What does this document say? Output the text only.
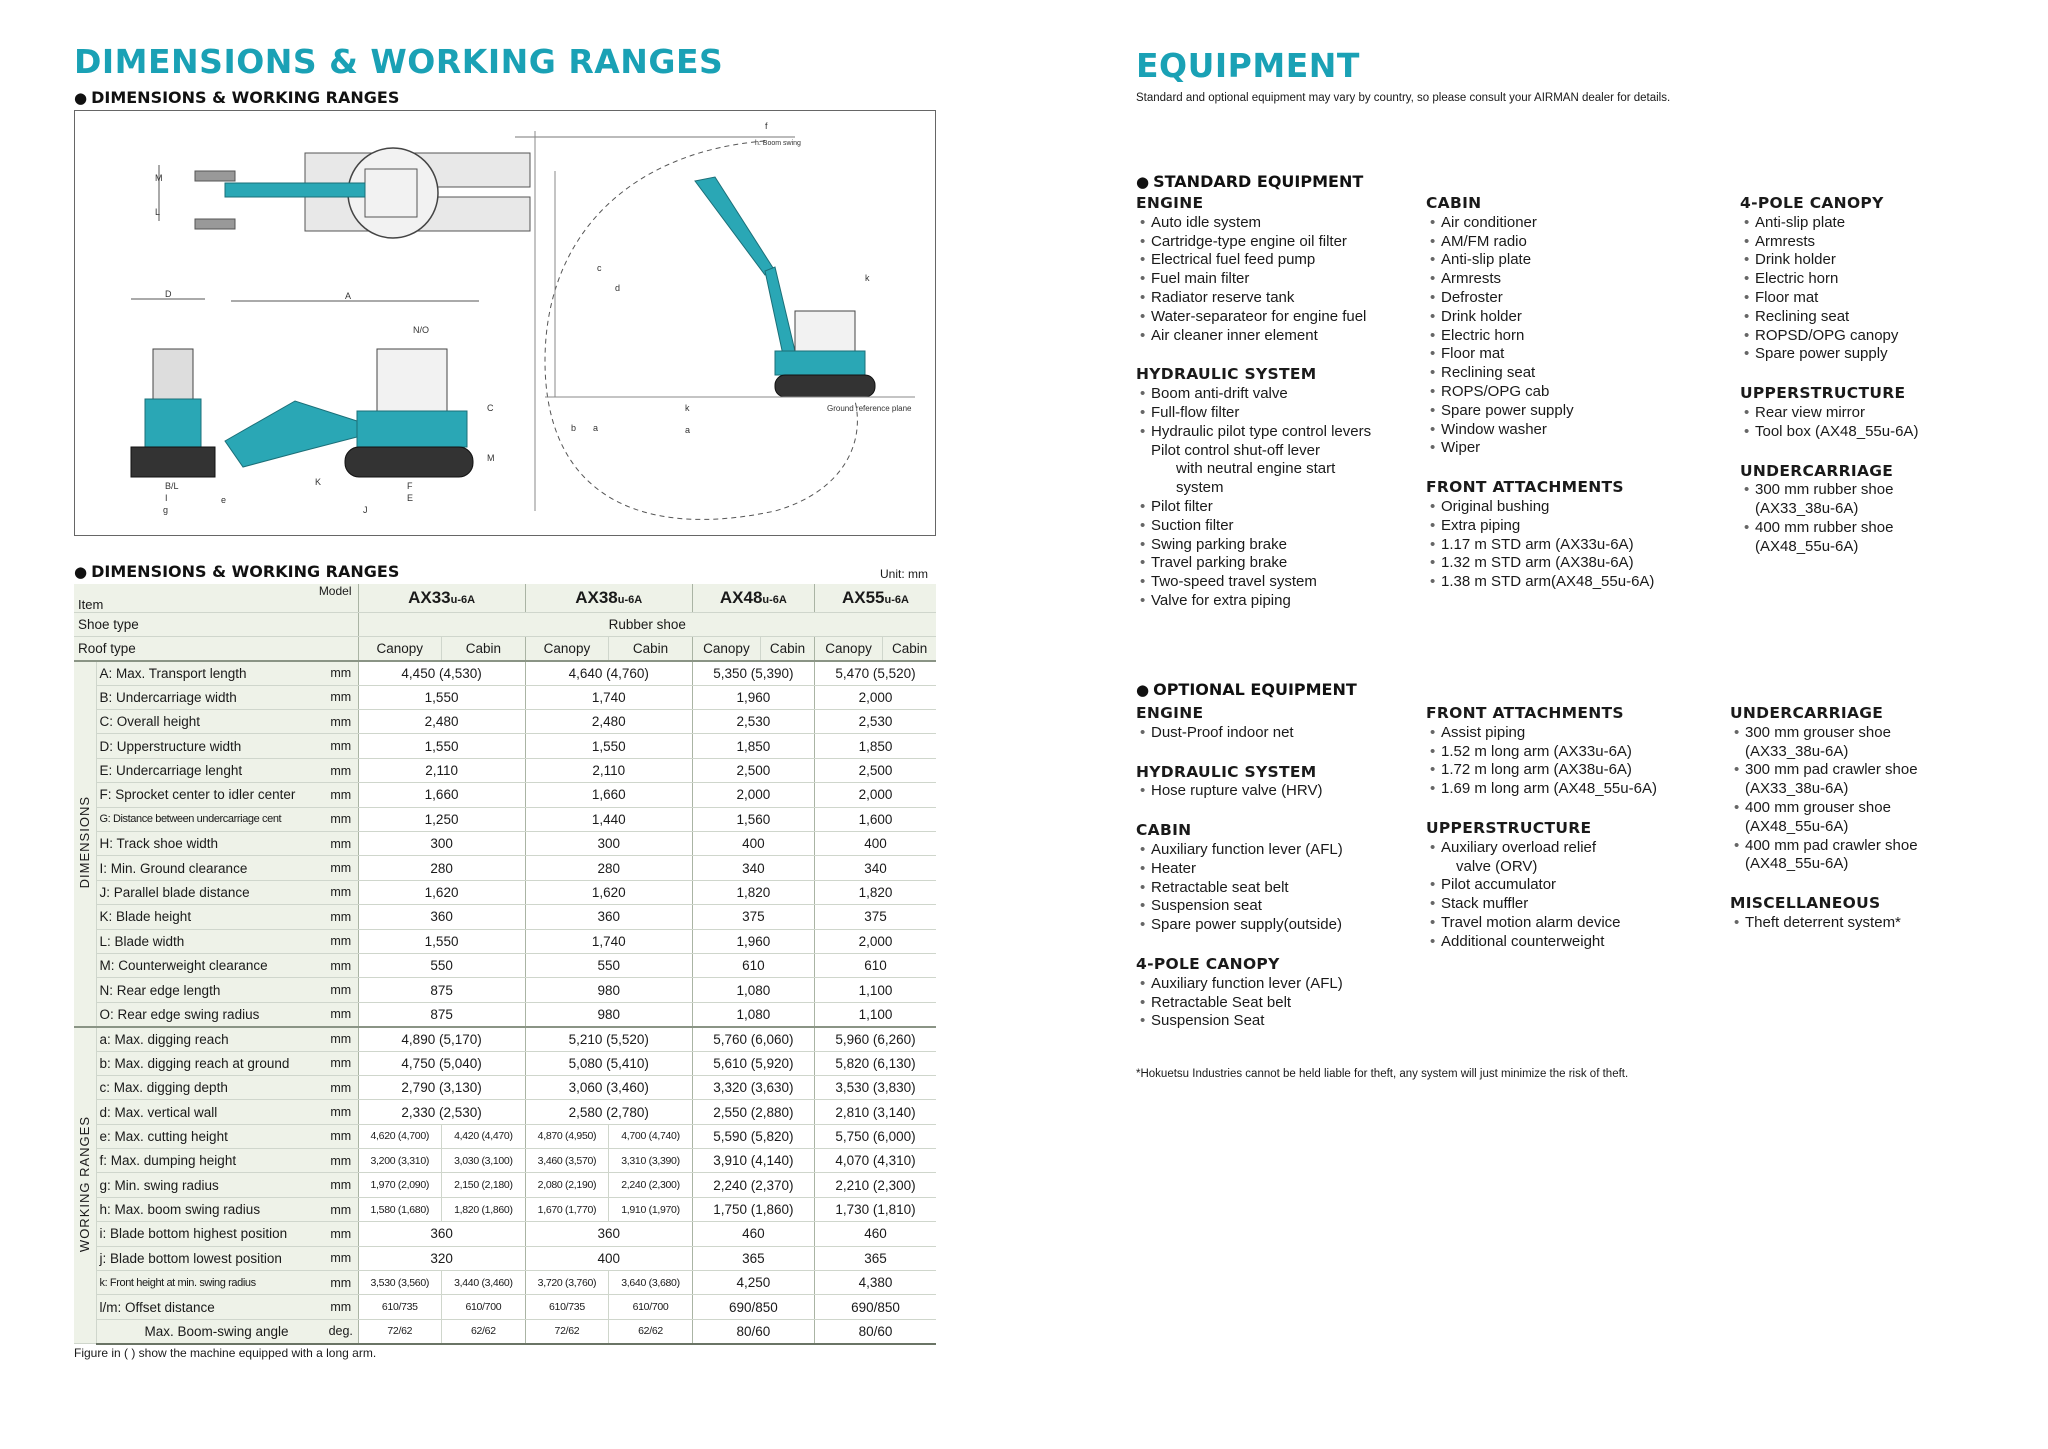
DIMENSIONS & WORKING RANGES
● DIMENSIONS & WORKING RANGES
M
L
D
B/L
I
g
e
A
N/O
C
K	F
E
J
M
f
h: Boom swing
Ground reference plane
c
d
b a
k
a
k
● DIMENSIONS & WORKING RANGES	Unit: mm
Model
Item			AX33u-6A		AX38u-6A		AX48u-6A		AX55u-6A	
Shoe type			Rubber shoe							
Roof type			Canopy	Cabin	Canopy	Cabin	Canopy	Cabin	Canopy	Cabin
DIMENSIONS	A: Max. Transport length	mm	4,450 (4,530)		4,640 (4,760)		5,350 (5,390)		5,470 (5,520)	
	B: Undercarriage width	mm	1,550		1,740		1,960		2,000	
	C: Overall height	mm	2,480		2,480		2,530		2,530	
	D: Upperstructure width	mm	1,550		1,550		1,850		1,850	
	E: Undercarriage lenght	mm	2,110		2,110		2,500		2,500	
	F: Sprocket center to idler center	mm	1,660		1,660		2,000		2,000	
	G: Distance between undercarriage cent	mm	1,250		1,440		1,560		1,600	
	H: Track shoe width	mm	300		300		400		400	
	I: Min. Ground clearance	mm	280		280		340		340	
	J: Parallel blade distance	mm	1,620		1,620		1,820		1,820	
	K: Blade height	mm	360		360		375		375	
	L: Blade width	mm	1,550		1,740		1,960		2,000	
	M: Counterweight clearance	mm	550		550		610		610	
	N: Rear edge length	mm	875		980		1,080		1,100	
	O: Rear edge swing radius	mm	875		980		1,080		1,100	
WORKING RANGES	a: Max. digging reach	mm	4,890 (5,170)		5,210 (5,520)		5,760 (6,060)		5,960 (6,260)	
	b: Max. digging reach at ground	mm	4,750 (5,040)		5,080 (5,410)		5,610 (5,920)		5,820 (6,130)	
	c: Max. digging depth	mm	2,790 (3,130)		3,060 (3,460)		3,320 (3,630)		3,530 (3,830)	
	d: Max. vertical wall	mm	2,330 (2,530)		2,580 (2,780)		2,550 (2,880)		2,810 (3,140)	
	e: Max. cutting height	mm	4,620 (4,700)	4,420 (4,470)	4,870 (4,950)	4,700 (4,740)	5,590 (5,820)		5,750 (6,000)	
	f: Max. dumping height	mm	3,200 (3,310)	3,030 (3,100)	3,460 (3,570)	3,310 (3,390)	3,910 (4,140)		4,070 (4,310)	
	g: Min. swing radius	mm	1,970 (2,090)	2,150 (2,180)	2,080 (2,190)	2,240 (2,300)	2,240 (2,370)		2,210 (2,300)	
	h: Max. boom swing radius	mm	1,580 (1,680)	1,820 (1,860)	1,670 (1,770)	1,910 (1,970)	1,750 (1,860)		1,730 (1,810)	
	i: Blade bottom highest position	mm	360		360		460		460	
	j: Blade bottom lowest position	mm	320		400		365		365	
	k: Front height at min. swing radius	mm	3,530 (3,560)	3,440 (3,460)	3,720 (3,760)	3,640 (3,680)	4,250		4,380	
	l/m: Offset distance	mm	610/735	610/700	610/735	610/700	690/850		690/850	
	Max. Boom-swing angle	deg.	72/62	62/62	72/62	62/62	80/60		80/60	
Figure in ( ) show the machine equipped with a long arm.
EQUIPMENT
Standard and optional equipment may vary by country, so please consult your AIRMAN dealer for details.
● STANDARD EQUIPMENT
ENGINE
• Auto idle system
• Cartridge-type engine oil filter
• Electrical fuel feed pump
• Fuel main filter
• Radiator reserve tank
• Water-separateor for engine fuel
• Air cleaner inner element
HYDRAULIC SYSTEM
• Boom anti-drift valve
• Full-flow filter
• Hydraulic pilot type control levers
Pilot control shut-off lever
with neutral engine start
system
• Pilot filter
• Suction filter
• Swing parking brake
• Travel parking brake
• Two-speed travel system
• Valve for extra piping
CABIN
• Air conditioner
• AM/FM radio
• Anti-slip plate
• Armrests
• Defroster
• Drink holder
• Electric horn
• Floor mat
• Reclining seat
• ROPS/OPG cab
• Spare power supply
• Window washer
• Wiper
FRONT ATTACHMENTS
• Original bushing
• Extra piping
• 1.17 m STD arm (AX33u-6A)
• 1.32 m STD arm (AX38u-6A)
• 1.38 m STD arm(AX48_55u-6A)
4-POLE CANOPY
• Anti-slip plate
• Armrests
• Drink holder
• Electric horn
• Floor mat
• Reclining seat
• ROPSD/OPG canopy
• Spare power supply
UPPERSTRUCTURE
• Rear view mirror
• Tool box (AX48_55u-6A)
UNDERCARRIAGE
• 300 mm rubber shoe
(AX33_38u-6A)
• 400 mm rubber shoe
(AX48_55u-6A)
● OPTIONAL EQUIPMENT
ENGINE
• Dust-Proof indoor net
HYDRAULIC SYSTEM
• Hose rupture valve (HRV)
CABIN
• Auxiliary function lever (AFL)
• Heater
• Retractable seat belt
• Suspension seat
• Spare power supply(outside)
4-POLE CANOPY
• Auxiliary function lever (AFL)
• Retractable Seat belt
• Suspension Seat
FRONT ATTACHMENTS
• Assist piping
• 1.52 m long arm (AX33u-6A)
• 1.72 m long arm (AX38u-6A)
• 1.69 m long arm (AX48_55u-6A)
UPPERSTRUCTURE
• Auxiliary overload relief
valve (ORV)
• Pilot accumulator
• Stack muffler
• Travel motion alarm device
• Additional counterweight
UNDERCARRIAGE
• 300 mm grouser shoe
(AX33_38u-6A)
• 300 mm pad crawler shoe
(AX33_38u-6A)
• 400 mm grouser shoe
(AX48_55u-6A)
• 400 mm pad crawler shoe
(AX48_55u-6A)
MISCELLANEOUS
• Theft deterrent system*
*Hokuetsu Industries cannot be held liable for theft, any system will just minimize the risk of theft.
